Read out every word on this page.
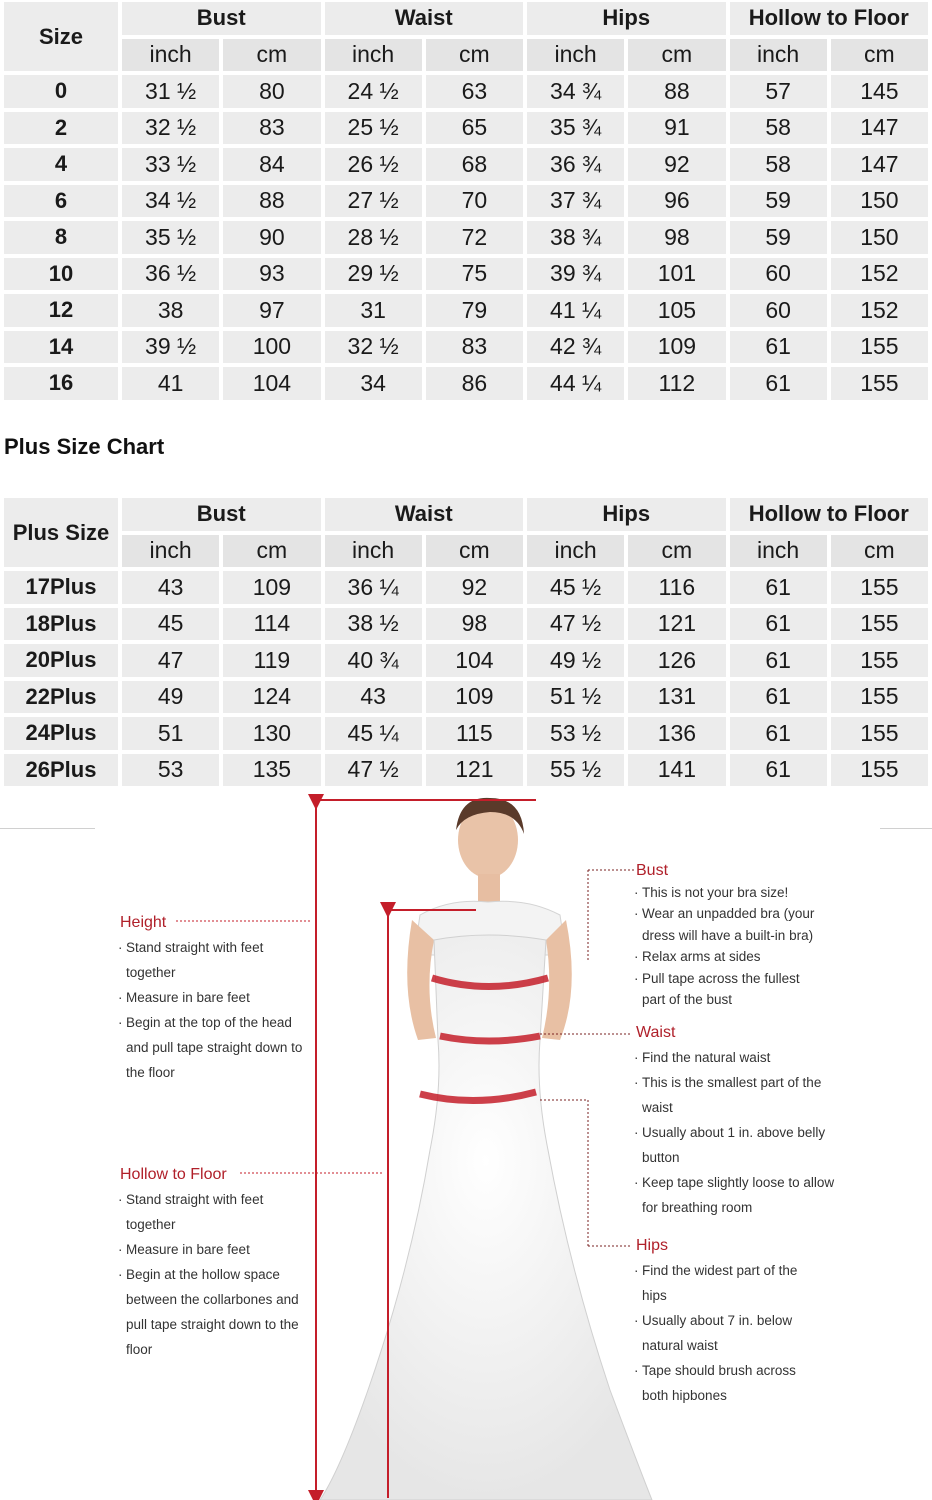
Size	Bust		Waist		Hips		Hollow to Floor	
	inch	cm	inch	cm	inch	cm	inch	cm
0	31 ½	80	24 ½	63	34 ¾	88	57	145
2	32 ½	83	25 ½	65	35 ¾	91	58	147
4	33 ½	84	26 ½	68	36 ¾	92	58	147
6	34 ½	88	27 ½	70	37 ¾	96	59	150
8	35 ½	90	28 ½	72	38 ¾	98	59	150
10	36 ½	93	29 ½	75	39 ¾	101	60	152
12	38	97	31	79	41 ¼	105	60	152
14	39 ½	100	32 ½	83	42 ¾	109	61	155
16	41	104	34	86	44 ¼	112	61	155
Plus Size Chart
Plus Size	Bust		Waist		Hips		Hollow to Floor	
	inch	cm	inch	cm	inch	cm	inch	cm
17Plus	43	109	36 ¼	92	45 ½	116	61	155
18Plus	45	114	38 ½	98	47 ½	121	61	155
20Plus	47	119	40 ¾	104	49 ½	126	61	155
22Plus	49	124	43	109	51 ½	131	61	155
24Plus	51	130	45 ¼	115	53 ½	136	61	155
26Plus	53	135	47 ½	121	55 ½	141	61	155
Height
· Stand straight with feet together
· Measure in bare feet
· Begin at the top of the head and pull tape straight down to the floor
Hollow to Floor
· Stand straight with feet together
· Measure in bare feet
· Begin at the hollow space between the collarbones and pull tape straight down to the floor
Bust
· This is not your bra size!
· Wear an unpadded bra (your dress will have a built-in bra)
· Relax arms at sides
· Pull tape across the fullest part of the bust
Waist
· Find the natural waist
· This is the smallest part of the waist
· Usually about 1 in. above belly button
· Keep tape slightly loose to allow for breathing room
Hips
· Find the widest part of the hips
· Usually about 7 in. below natural waist
· Tape should brush across both hipbones
